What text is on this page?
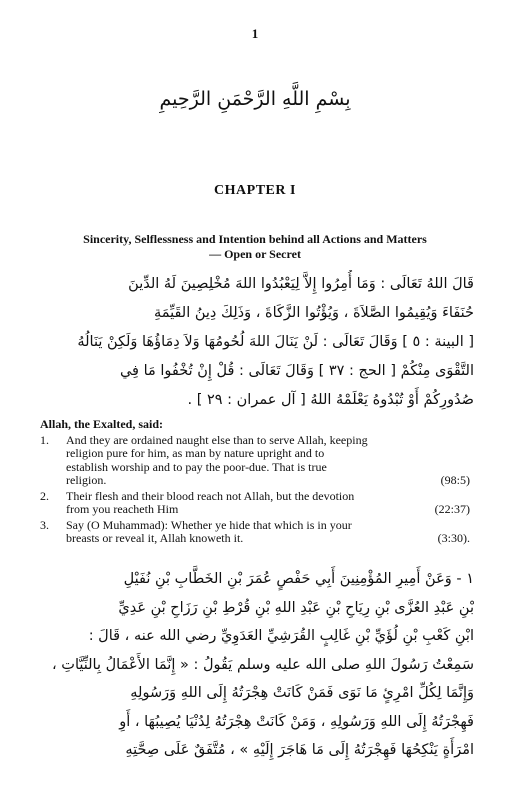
1
بِسْمِ اللَّهِ الرَّحْمَنِ الرَّحِيمِ
CHAPTER I
Sincerity, Selflessness and Intention behind all Actions and Matters
— Open or Secret
قَالَ اللهُ تَعَالَى : وَمَا أُمِرُوا إِلاَّ لِيَعْبُدُوا اللهَ مُخْلِصِينَ لَهُ الدِّينَ
حُنَفَاءَ وَيُقِيمُوا الصَّلاَةَ ، وَيُؤْتُوا الزَّكَاةَ ، وَذَلِكَ دِينُ القَيِّمَةِ
[ البينة : ٥ ] وَقَالَ تَعَالَى : لَنْ يَنَالَ اللهَ لُحُومُهَا وَلاَ دِمَاؤُهَا وَلَكِنْ يَنَالُهُ
التَّقْوَى مِنْكُمْ [ الحج : ٣٧ ] وَقَالَ تَعَالَى : قُلْ إِنْ تُخْفُوا مَا فِي
صُدُورِكُمْ أَوْ تُبْدُوهُ يَعْلَمْهُ اللهُ [ آل عمران : ٢٩ ] .
Allah, the Exalted, said:
1.	And they are ordained naught else than to serve Allah, keeping
religion pure for him, as man by nature upright and to
establish worship and to pay the poor-due. That is true
religion.	(98:5)
2.	Their flesh and their blood reach not Allah, but the devotion
from you reacheth Him	(22:37)
3.	Say (O Muhammad): Whether ye hide that which is in your
breasts or reveal it, Allah knoweth it.	(3:30).
١ - وَعَنْ أَمِيرِ المُؤْمِنِينَ أَبِي حَفْصٍ عُمَرَ بْنِ الخَطَّابِ بْنِ نُفَيْلِ
بْنِ عَبْدِ العُزَّى بْنِ رِيَاحِ بْنِ عَبْدِ اللهِ بْنِ قُرْطِ بْنِ رَزَاحِ بْنِ عَدِيِّ
ابْنِ كَعْبِ بْنِ لُؤَيِّ بْنِ غَالِبٍ القُرَشِيِّ العَدَوِيِّ رضي الله عنه ، قَالَ :
سَمِعْتُ رَسُولَ اللهِ صلى الله عليه وسلم يَقُولُ : « إِنَّمَا الأَعْمَالُ بِالنِّيَّاتِ ،
وَإِنَّمَا لِكُلِّ امْرِئٍ مَا نَوَى فَمَنْ كَانَتْ هِجْرَتُهُ إِلَى اللهِ وَرَسُولِهِ
فَهِجْرَتُهُ إِلَى اللهِ وَرَسُولِهِ ، وَمَنْ كَانَتْ هِجْرَتُهُ لِدُنْيَا يُصِيبُهَا ، أَوِ
امْرَأَةٍ يَنْكِحُهَا فَهِجْرَتُهُ إِلَى مَا هَاجَرَ إِلَيْهِ » ، مُتَّفَقٌ عَلَى صِحَّتِهِ
